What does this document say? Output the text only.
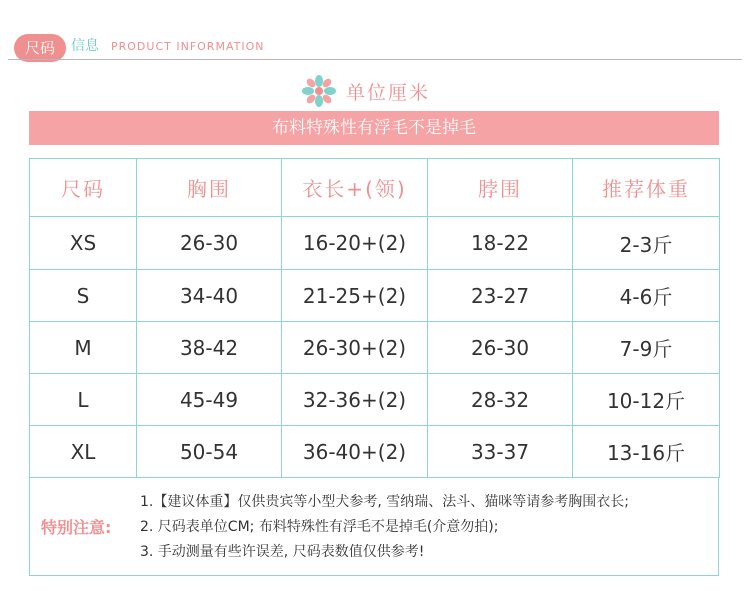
尺码	信息 PRODUCT INFORMATION
单位厘米
布料特殊性有浮毛不是掉毛
尺码	胸围	衣长+(领)	脖围	推荐体重
XS	26-30	16-20+(2)	18-22	2-3斤
S	34-40	21-25+(2)	23-27	4-6斤
M	38-42	26-30+(2)	26-30	7-9斤
L	45-49	32-36+(2)	28-32	10-12斤
XL	50-54	36-40+(2)	33-37	13-16斤
特别注意:
1.【建议体重】仅供贵宾等小型犬参考, 雪纳瑞、法斗、猫咪等请参考胸围衣长;
2. 尺码表单位CM; 布料特殊性有浮毛不是掉毛(介意勿拍);
3. 手动测量有些许误差, 尺码表数值仅供参考!
